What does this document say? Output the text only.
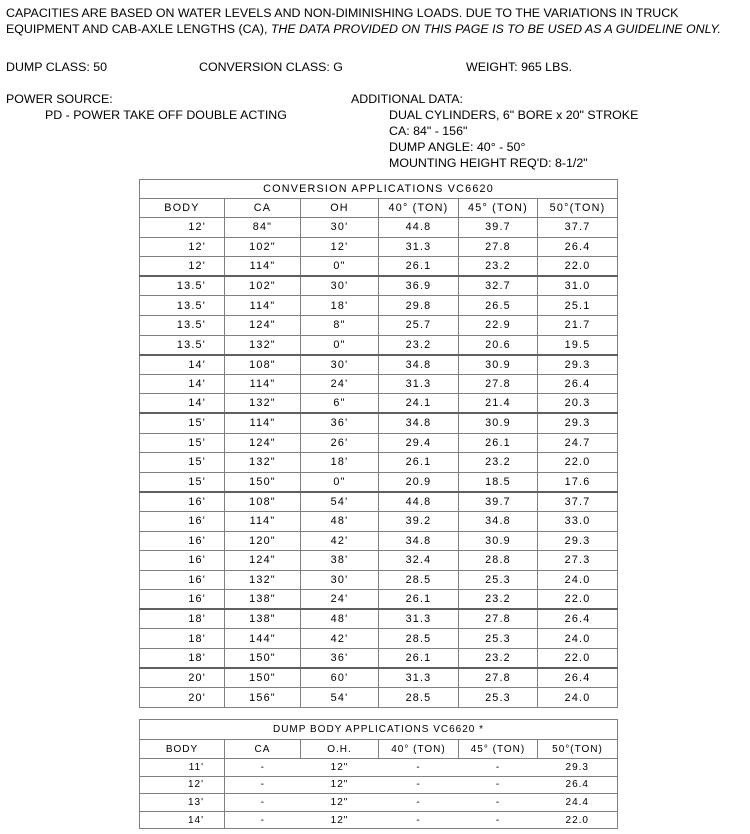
CAPACITIES ARE BASED ON WATER LEVELS AND NON-DIMINISHING LOADS. DUE TO THE VARIATIONS IN TRUCK EQUIPMENT AND CAB-AXLE LENGTHS (CA), THE DATA PROVIDED ON THIS PAGE IS TO BE USED AS A GUIDELINE ONLY.
DUMP CLASS: 50	CONVERSION CLASS: G	WEIGHT: 965 LBS.
POWER SOURCE:
PD - POWER TAKE OFF DOUBLE ACTING
ADDITIONAL DATA:
DUAL CYLINDERS, 6" BORE x 20" STROKE
CA: 84" - 156"
DUMP ANGLE: 40° - 50°
MOUNTING HEIGHT REQ'D: 8-1/2"
CONVERSION APPLICATIONS VC6620					
BODY	CA	OH	40° (TON)	45° (TON)	50°(TON)
12'	84"	30'	44.8	39.7	37.7
12'	102"	12'	31.3	27.8	26.4
12'	114"	0"	26.1	23.2	22.0
13.5'	102"	30'	36.9	32.7	31.0
13.5'	114"	18'	29.8	26.5	25.1
13.5'	124"	8"	25.7	22.9	21.7
13.5'	132"	0"	23.2	20.6	19.5
14'	108"	30'	34.8	30.9	29.3
14'	114"	24'	31.3	27.8	26.4
14'	132"	6"	24.1	21.4	20.3
15'	114"	36'	34.8	30.9	29.3
15'	124"	26'	29.4	26.1	24.7
15'	132"	18'	26.1	23.2	22.0
15'	150"	0"	20.9	18.5	17.6
16'	108"	54'	44.8	39.7	37.7
16'	114"	48'	39.2	34.8	33.0
16'	120"	42'	34.8	30.9	29.3
16'	124"	38'	32.4	28.8	27.3
16'	132"	30'	28.5	25.3	24.0
16'	138"	24'	26.1	23.2	22.0
18'	138"	48'	31.3	27.8	26.4
18'	144"	42'	28.5	25.3	24.0
18'	150"	36'	26.1	23.2	22.0
20'	150"	60'	31.3	27.8	26.4
20'	156"	54'	28.5	25.3	24.0
DUMP BODY APPLICATIONS VC6620 *					
BODY	CA	O.H.	40° (TON)	45° (TON)	50°(TON)
11'	-	12"	-	-	29.3
12'	-	12"	-	-	26.4
13'	-	12"	-	-	24.4
14'	-	12"	-	-	22.0
